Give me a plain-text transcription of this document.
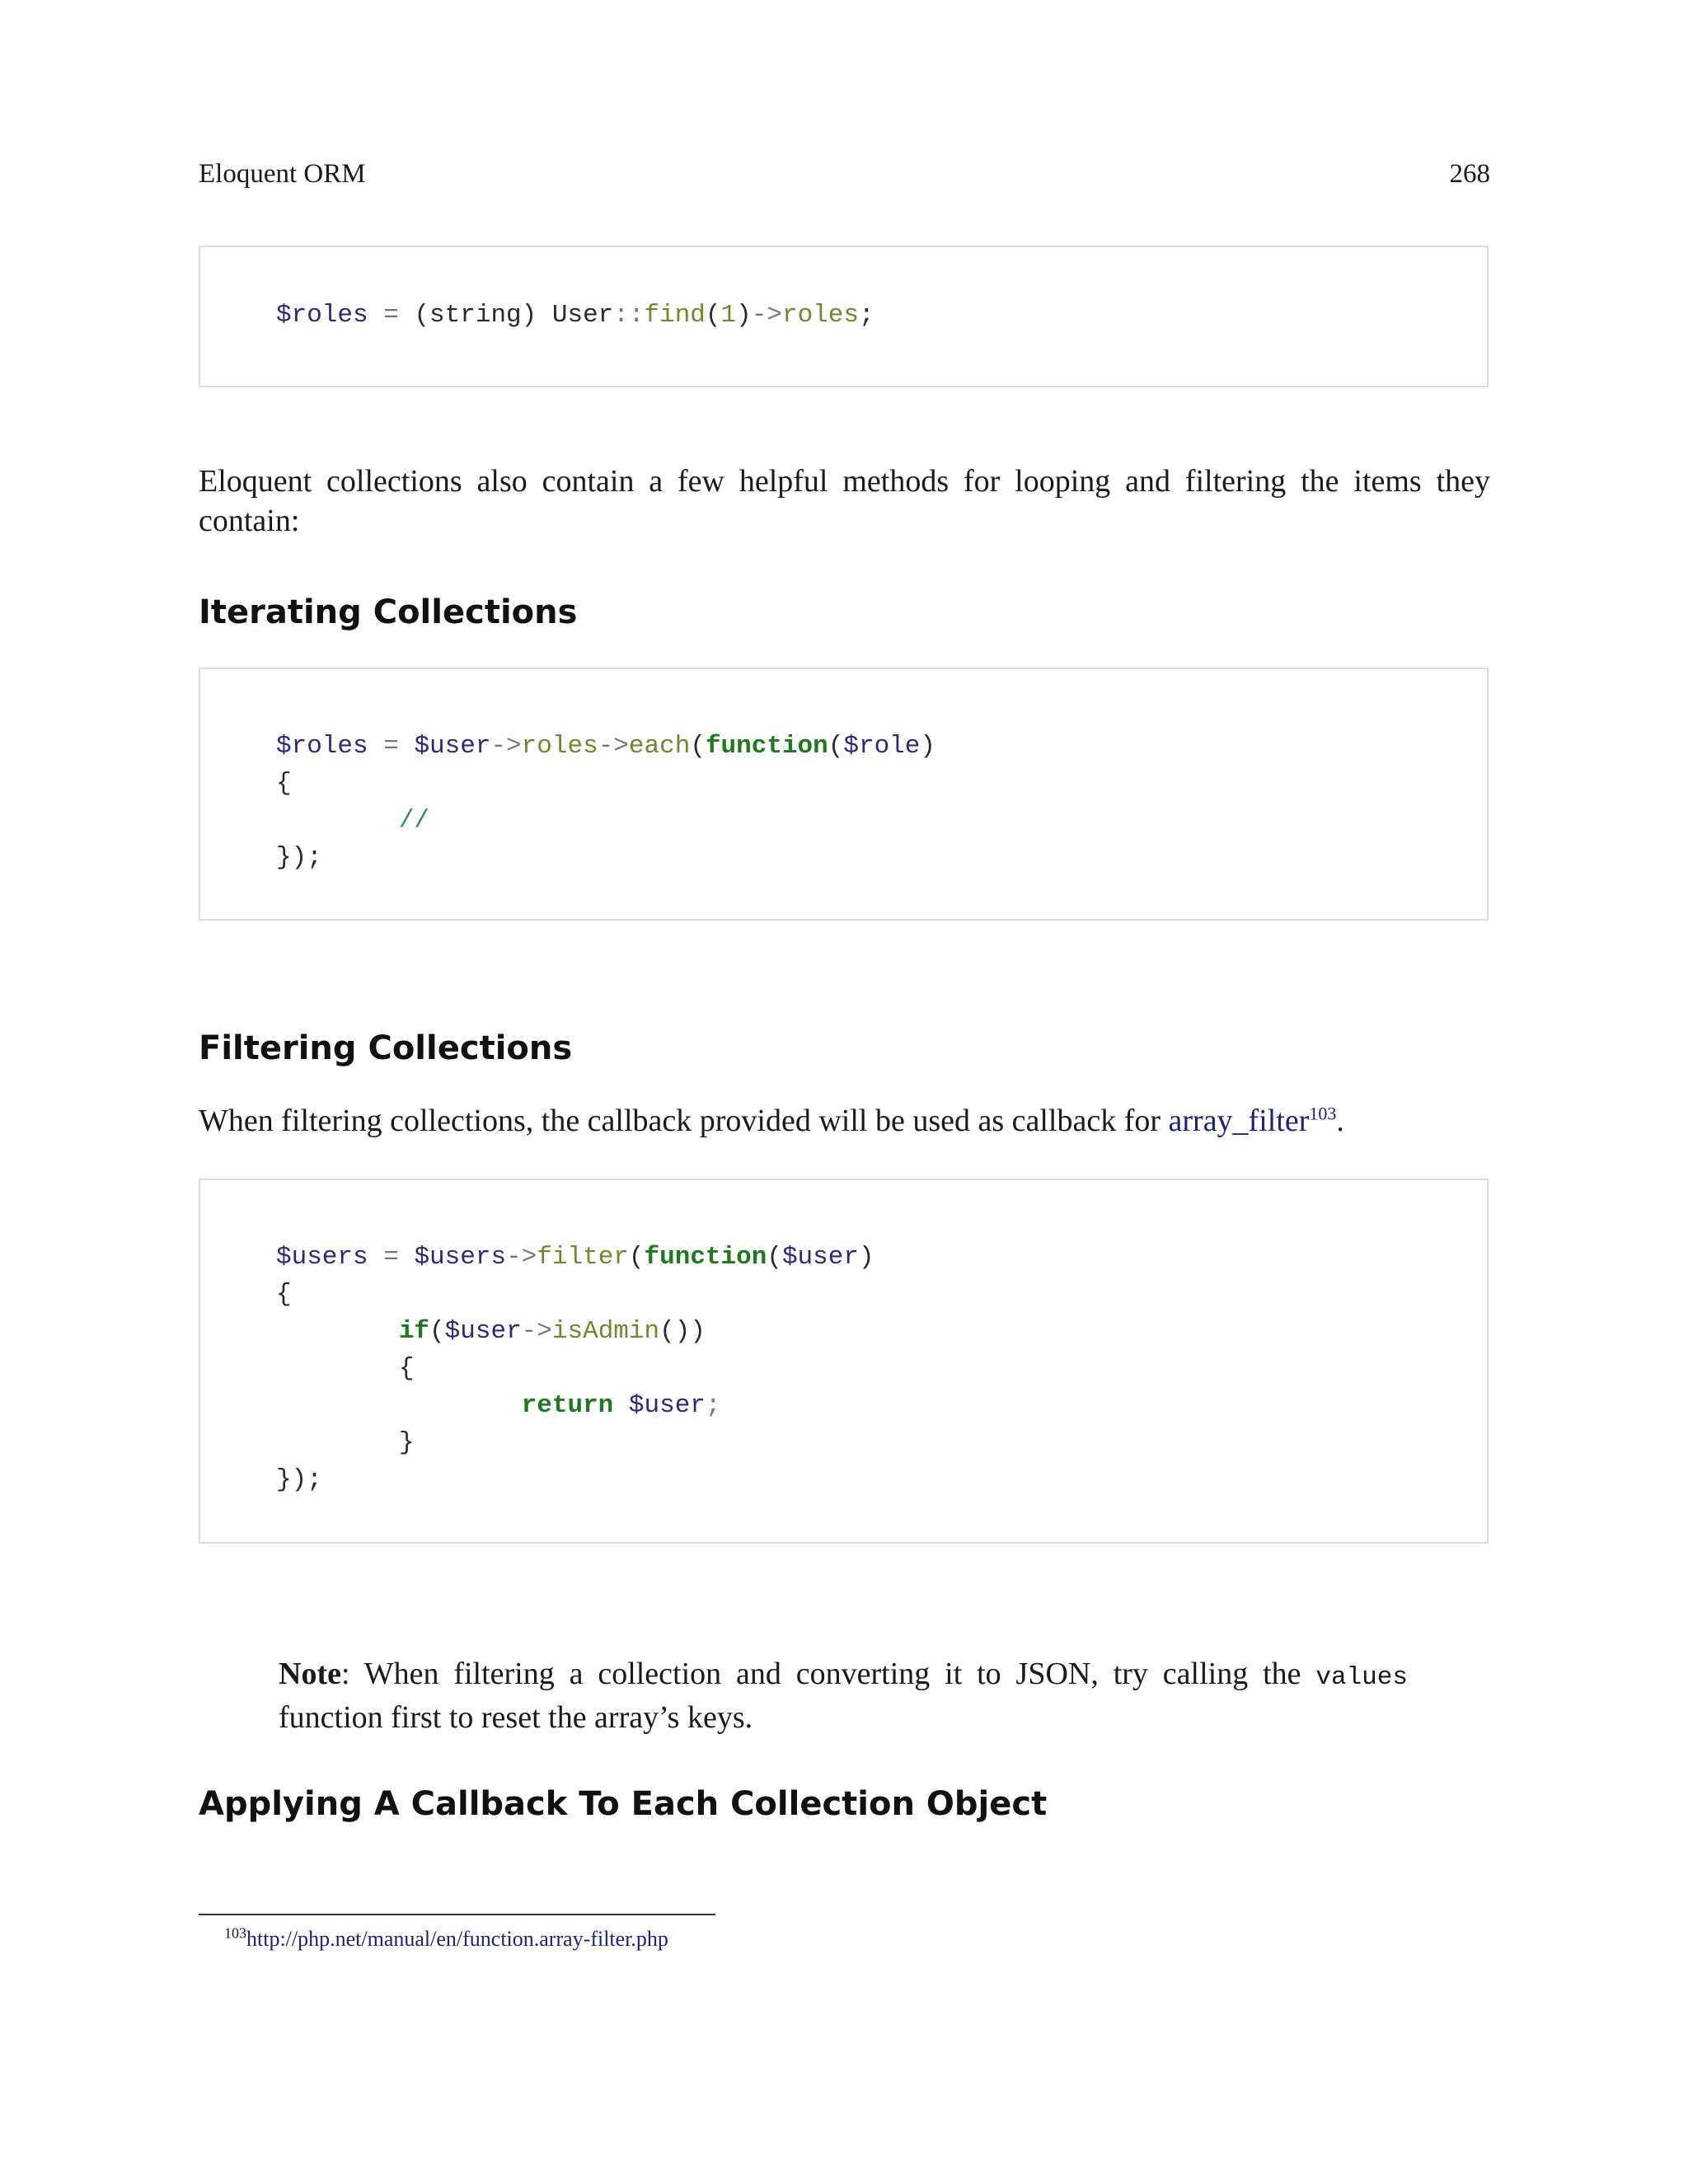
Eloquent ORM	268
$roles = (string) User::find(1)->roles;

Eloquent collections also contain a few helpful methods for looping and filtering the items they contain:

Iterating Collections
$roles = $user->roles->each(function($role)
{
//
});
Filtering Collections

When filtering collections, the callback provided will be used as callback for array_filter$^{103}$.

$users = $users->filter(function($user)
{
if($user->isAdmin())
{
return $user;
}
});

Note: When filtering a collection and converting it to JSON, try calling the values function first to reset the array’s keys.

Applying A Callback To Each Collection Object
$^{103}$http://php.net/manual/en/function.array-filter.php
